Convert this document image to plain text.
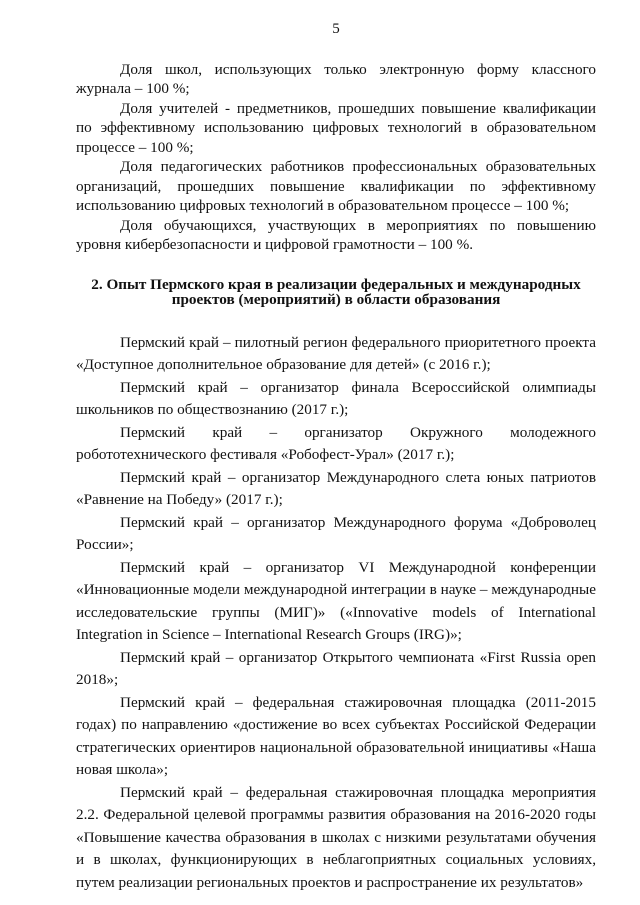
5

Доля школ, использующих только электронную форму классного журнала – 100 %;

Доля учителей - предметников, прошедших повышение квалификации по эффективному использованию цифровых технологий в образовательном процессе – 100 %;

Доля педагогических работников профессиональных образовательных организаций, прошедших повышение квалификации по эффективному использованию цифровых технологий в образовательном процессе – 100 %;

Доля обучающихся, участвующих в мероприятиях по повышению уровня кибербезопасности и цифровой грамотности – 100 %.

2. Опыт Пермского края в реализации федеральных и международных
проектов (мероприятий) в области образования

Пермский край – пилотный регион федерального приоритетного проекта «Доступное дополнительное образование для детей» (с 2016 г.);

Пермский край – организатор финала Всероссийской олимпиады школьников по обществознанию (2017 г.);

Пермский край – организатор Окружного молодежного робототехнического фестиваля «Робофест-Урал» (2017 г.);

Пермский край – организатор Международного слета юных патриотов «Равнение на Победу» (2017 г.);

Пермский край – организатор Международного форума «Доброволец России»;

Пермский край – организатор VI Международной конференции «Инновационные модели международной интеграции в науке – международные исследовательские группы (МИГ)» («Innovative models of International Integration in Science – International Research Groups (IRG)»;

Пермский край – организатор Открытого чемпионата «First Russia open 2018»;

Пермский край – федеральная стажировочная площадка (2011-2015 годах) по направлению «достижение во всех субъектах Российской Федерации стратегических ориентиров национальной образовательной инициативы «Наша новая школа»;

Пермский край – федеральная стажировочная площадка мероприятия 2.2. Федеральной целевой программы развития образования на 2016-2020 годы «Повышение качества образования в школах с низкими результатами обучения и в школах, функционирующих в неблагоприятных социальных условиях, путем реализации региональных проектов и распространение их результатов»
